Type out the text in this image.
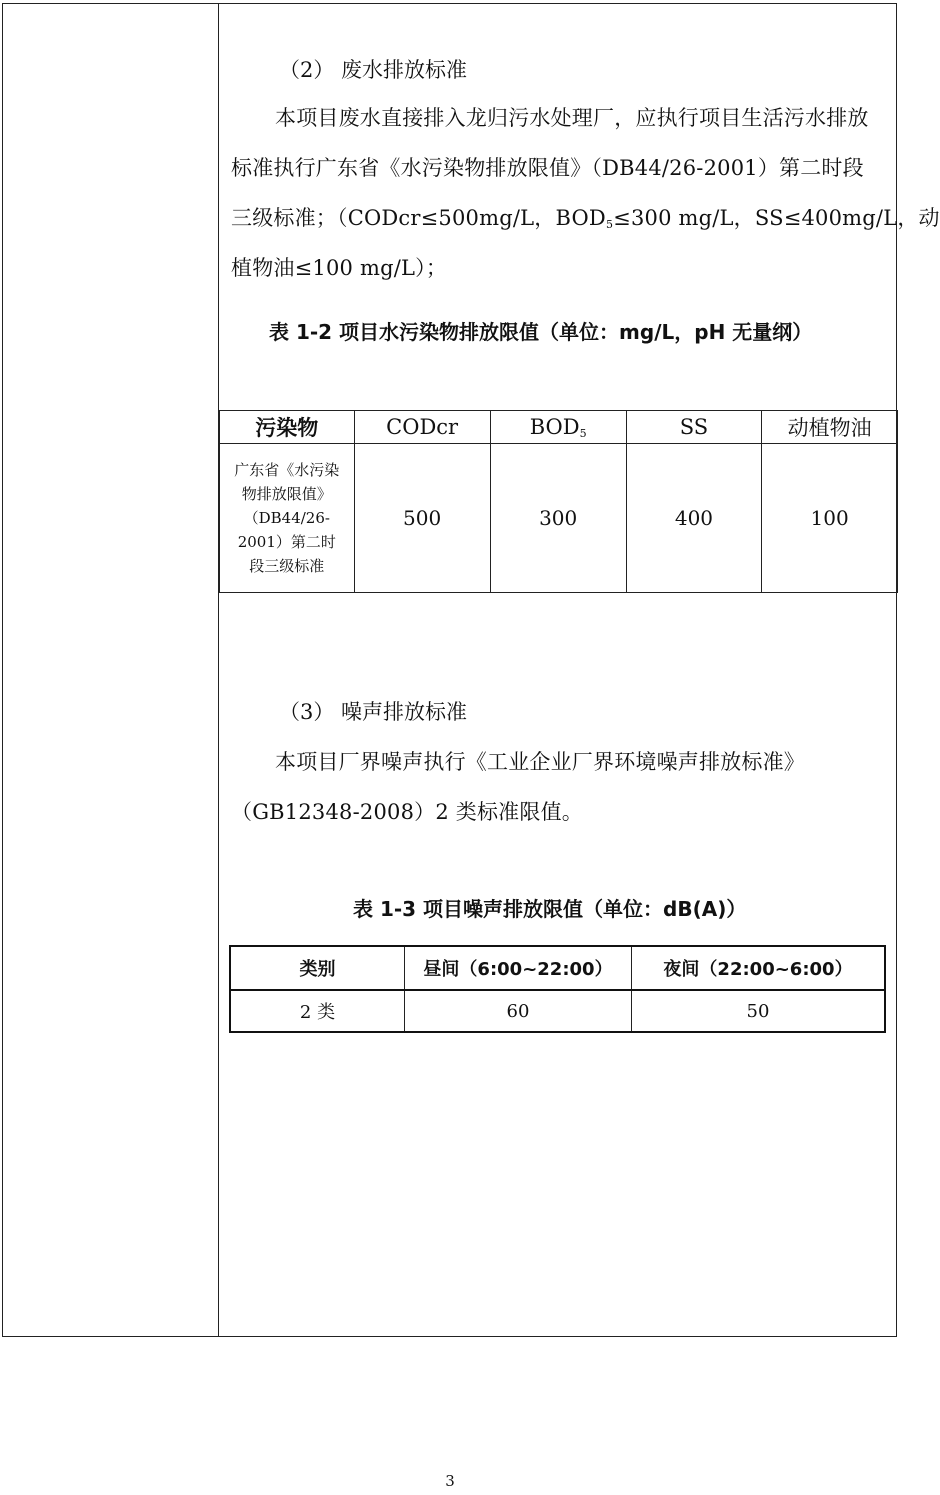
（2） 废水排放标准
本项目废水直接排入龙归污水处理厂，应执行项目生活污水排放
标准执行广东省《水污染物排放限值》（DB44/26-2001）第二时段
三级标准；（CODcr≤500mg/L，$BOD_5\le 300$ mg/L，SS≤400mg/L，动
植物油≤100 mg/L）；
表 1-2 项目水污染物排放限值（单位：mg/L，pH 无量纲）
污染物	CODcr	$BOD_5$	SS	动植物油
广东省《水污染物排放限值》（DB44/26-2001）第二时段三级标准	500	300	400	100
（3） 噪声排放标准
本项目厂界噪声执行《工业企业厂界环境噪声排放标准》
（GB12348-2008）2 类标准限值。
表 1-3 项目噪声排放限值（单位：dB(A)）
类别	昼间（6:00~22:00）	夜间（22:00~6:00）
2 类	60	50
3
